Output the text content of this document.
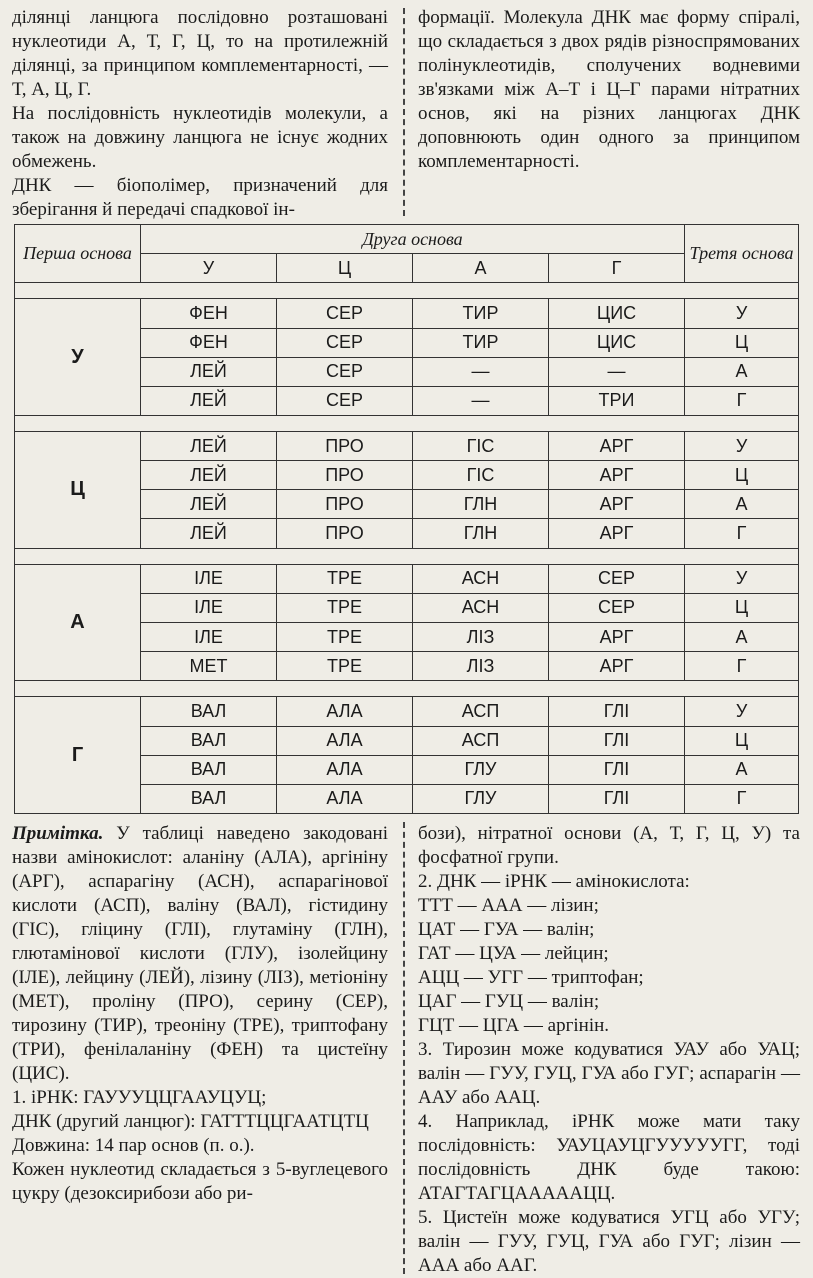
ділянці ланцюга послідовно розташовані нуклеотиди А, Т, Г, Ц, то на протилежній ділянці, за принципом комплементарності, — Т, А, Ц, Г.

На послідовність нуклеотидів молекули, а також на довжину ланцюга не існує жодних обмежень.

ДНК — біополімер, призначений для зберігання й передачі спадкової ін-

формації. Молекула ДНК має форму спіралі, що складається з двох рядів різноспрямованих полінуклеотидів, сполучених водневими зв'язками між А–Т і Ц–Г парами нітратних основ, які на різних ланцюгах ДНК доповнюють один одного за принципом комплементарності.

Перша основа	Друга основа				Третя основа
	У	Ц	А	Г	

У	ФЕН	СЕР	ТИР	ЦИС	У
	ФЕН	СЕР	ТИР	ЦИС	Ц
	ЛЕЙ	СЕР	—	—	А
	ЛЕЙ	СЕР	—	ТРИ	Г

Ц	ЛЕЙ	ПРО	ГІС	АРГ	У
	ЛЕЙ	ПРО	ГІС	АРГ	Ц
	ЛЕЙ	ПРО	ГЛН	АРГ	А
	ЛЕЙ	ПРО	ГЛН	АРГ	Г

А	ІЛЕ	ТРЕ	АСН	СЕР	У
	ІЛЕ	ТРЕ	АСН	СЕР	Ц
	ІЛЕ	ТРЕ	ЛІЗ	АРГ	А
	МЕТ	ТРЕ	ЛІЗ	АРГ	Г

Г	ВАЛ	АЛА	АСП	ГЛІ	У
	ВАЛ	АЛА	АСП	ГЛІ	Ц
	ВАЛ	АЛА	ГЛУ	ГЛІ	А
	ВАЛ	АЛА	ГЛУ	ГЛІ	Г

Примітка. У таблиці наведено закодовані назви амінокислот: аланіну (АЛА), аргініну (АРГ), аспарагіну (АСН), аспарагінової кислоти (АСП), валіну (ВАЛ), гістидину (ГІС), гліцину (ГЛІ), глутаміну (ГЛН), глютамінової кислоти (ГЛУ), ізолейцину (ІЛЕ), лейцину (ЛЕЙ), лізину (ЛІЗ), метіоніну (МЕТ), проліну (ПРО), серину (СЕР), тирозину (ТИР), треоніну (ТРЕ), триптофану (ТРИ), фенілаланіну (ФЕН) та цистеїну (ЦИС).

1. іРНК: ГАУУУЦЦГААУЦУЦ;

ДНК (другий ланцюг): ГАТТТЦЦГААТЦТЦ

Довжина: 14 пар основ (п. о.).

Кожен нуклеотид складається з 5-вуглецевого цукру (дезоксирибози або ри-

бози), нітратної основи (А, Т, Г, Ц, У) та фосфатної групи.

2. ДНК — іРНК — амінокислота:

ТТТ — ААА — лізин;

ЦАТ — ГУА — валін;

ГАТ — ЦУА — лейцин;

АЦЦ — УГГ — триптофан;

ЦАГ — ГУЦ — валін;

ГЦТ — ЦГА — аргінін.

3. Тирозин може кодуватися УАУ або УАЦ; валін — ГУУ, ГУЦ, ГУА або ГУГ; аспарагін — ААУ або ААЦ.

4. Наприклад, іРНК може мати таку послідовність: УАУЦАУЦГУУУУУГГ, тоді послідовність ДНК буде такою: АТАГТАГЦАААААЦЦ.

5. Цистеїн може кодуватися УГЦ або УГУ; валін — ГУУ, ГУЦ, ГУА або ГУГ; лізин — ААА або ААГ.
